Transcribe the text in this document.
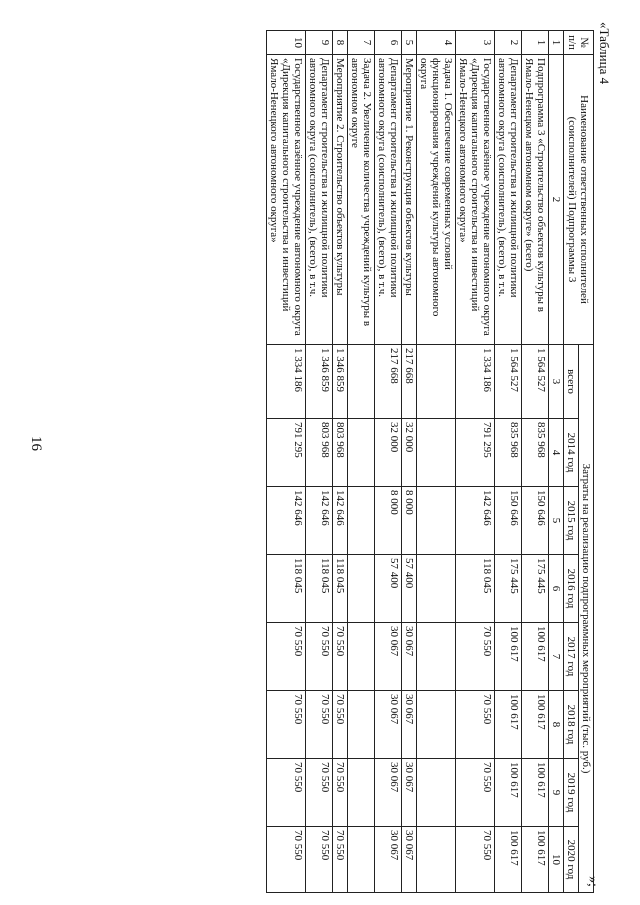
16
«Таблица 4
»;
№ п/п	Наименование ответственных исполнителей (соисполнителей) Подпрограммы 3	Затраты на реализацию подпрограммных мероприятий (тыс. руб.)							
		всего	2014 год	2015 год	2016 год	2017 год	2018 год	2019 год	2020 год
1	2	3	4	5	6	7	8	9	10
1	Подпрограмма 3 «Строительство объектов культуры в Ямало-Ненецком автономном округе» (всего)	1 564 527	835 968	150 646	175 445	100 617	100 617	100 617	100 617
2	Департамент строительства и жилищной политики автономного округа (соисполнитель), (всего), в т.ч.	1 564 527	835 968	150 646	175 445	100 617	100 617	100 617	100 617
3	Государственное казённое учреждение автономного округа «Дирекция капитального строительства и инвестиций Ямало-Ненецкого автономного округа»	1 334 186	791 295	142 646	118 045	70 550	70 550	70 550	70 550
4	Задача 1. Обеспечение современных условий функционирования учреждений культуры автономного округа								
5	Мероприятие 1. Реконструкция объектов культуры	217 668	32 000	8 000	57 400	30 067	30 067	30 067	30 067
6	Департамент строительства и жилищной политики автономного округа (соисполнитель), (всего), в т.ч.	217 668	32 000	8 000	57 400	30 067	30 067	30 067	30 067
7	Задача 2. Увеличение количества учреждений культуры в автономном округе								
8	Мероприятие 2. Строительство объектов культуры	1 346 859	803 968	142 646	118 045	70 550	70 550	70 550	70 550
9	Департамент строительства и жилищной политики автономного округа (соисполнитель), (всего), в т.ч.	1 346 859	803 968	142 646	118 045	70 550	70 550	70 550	70 550
10	Государственное казённое учреждение автономного округа «Дирекция капитального строительства и инвестиций Ямало-Ненецкого автономного округа»	1 334 186	791 295	142 646	118 045	70 550	70 550	70 550	70 550
